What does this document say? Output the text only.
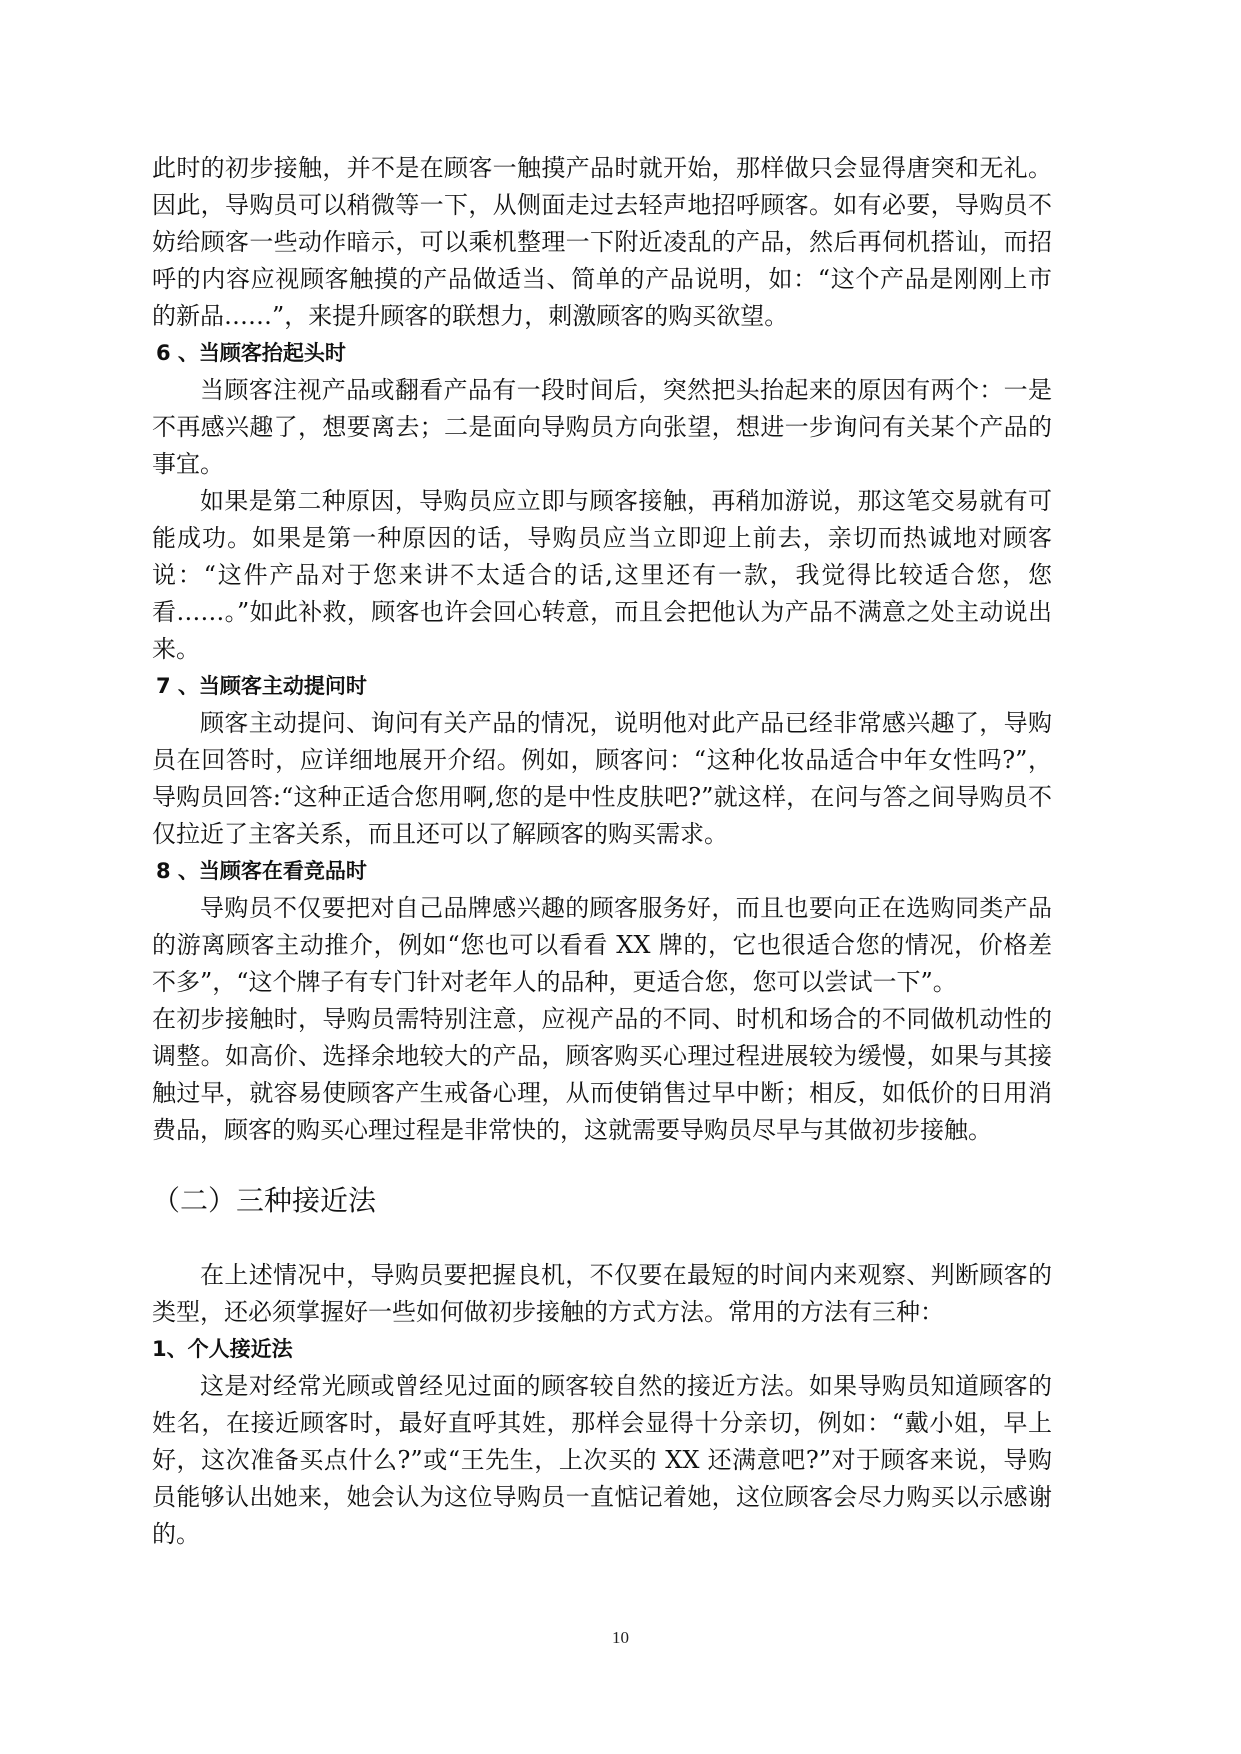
此时的初步接触，并不是在顾客一触摸产品时就开始，那样做只会显得唐突和无礼。因此，导购员可以稍微等一下，从侧面走过去轻声地招呼顾客。如有必要，导购员不妨给顾客一些动作暗示，可以乘机整理一下附近凌乱的产品，然后再伺机搭讪，而招呼的内容应视顾客触摸的产品做适当、简单的产品说明，如：“这个产品是刚刚上市的新品……”，来提升顾客的联想力，刺激顾客的购买欲望。

6 、当顾客抬起头时

当顾客注视产品或翻看产品有一段时间后，突然把头抬起来的原因有两个：一是不再感兴趣了，想要离去；二是面向导购员方向张望，想进一步询问有关某个产品的事宜。

如果是第二种原因，导购员应立即与顾客接触，再稍加游说，那这笔交易就有可能成功。如果是第一种原因的话，导购员应当立即迎上前去，亲切而热诚地对顾客说：“这件产品对于您来讲不太适合的话,这里还有一款，我觉得比较适合您，您看……。”如此补救，顾客也许会回心转意，而且会把他认为产品不满意之处主动说出来。

7 、当顾客主动提问时

顾客主动提问、询问有关产品的情况，说明他对此产品已经非常感兴趣了，导购员在回答时，应详细地展开介绍。例如，顾客问：“这种化妆品适合中年女性吗?”，导购员回答:“这种正适合您用啊,您的是中性皮肤吧?”就这样，在问与答之间导购员不仅拉近了主客关系，而且还可以了解顾客的购买需求。

8 、当顾客在看竞品时

导购员不仅要把对自己品牌感兴趣的顾客服务好，而且也要向正在选购同类产品的游离顾客主动推介，例如“您也可以看看 XX 牌的，它也很适合您的情况，价格差不多”，“这个牌子有专门针对老年人的品种，更适合您，您可以尝试一下”。

在初步接触时，导购员需特别注意，应视产品的不同、时机和场合的不同做机动性的调整。如高价、选择余地较大的产品，顾客购买心理过程进展较为缓慢，如果与其接触过早，就容易使顾客产生戒备心理，从而使销售过早中断；相反，如低价的日用消费品，顾客的购买心理过程是非常快的，这就需要导购员尽早与其做初步接触。

（二）三种接近法

在上述情况中，导购员要把握良机，不仅要在最短的时间内来观察、判断顾客的类型，还必须掌握好一些如何做初步接触的方式方法。常用的方法有三种：

1、个人接近法

这是对经常光顾或曾经见过面的顾客较自然的接近方法。如果导购员知道顾客的姓名，在接近顾客时，最好直呼其姓，那样会显得十分亲切，例如：“戴小姐，早上好，这次准备买点什么?”或“王先生，上次买的 XX 还满意吧?”对于顾客来说，导购员能够认出她来，她会认为这位导购员一直惦记着她，这位顾客会尽力购买以示感谢的。

10
